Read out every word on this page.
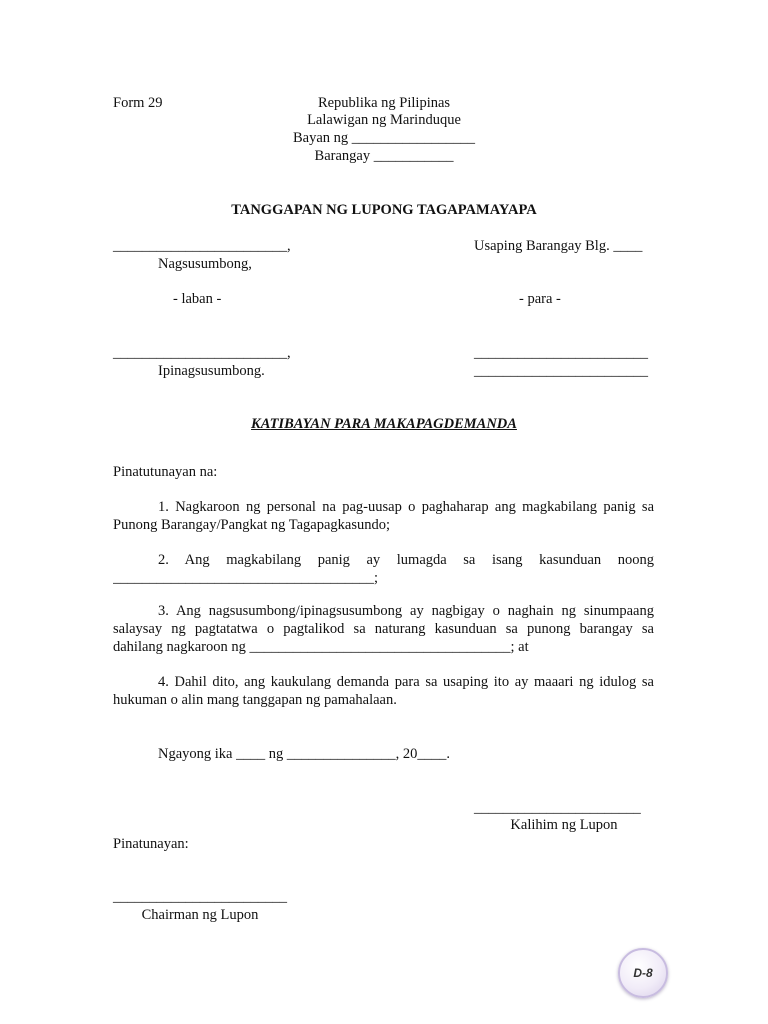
Form 29	Republika ng Pilipinas
Lalawigan ng Marinduque
Bayan ng _________________
Barangay ___________
TANGGAPAN NG LUPONG TAGAPAMAYAPA
________________________,
Nagsusumbong,
Usaping Barangay Blg. ____
- laban -	- para -
________________________,
Ipinagsusumbong.
________________________
________________________
KATIBAYAN PARA MAKAPAGDEMANDA
Pinatutunayan na:
1. Nagkaroon ng personal na pag-uusap o paghaharap ang magkabilang panig sa
Punong Barangay/Pangkat ng Tagapagkasundo;
2. Ang magkabilang panig ay lumagda sa isang kasunduan noong
____________________________________;
3. Ang nagsusumbong/ipinagsusumbong ay nagbigay o naghain ng sinumpaang
salaysay ng pagtatatwa o pagtalikod sa naturang kasunduan sa punong barangay sa
dahilang nagkaroon ng ____________________________________; at
4. Dahil dito, ang kaukulang demanda para sa usaping ito ay maaari ng idulog sa
hukuman o alin mang tanggapan ng pamahalaan.
Ngayong ika ____ ng _______________, 20____.
_______________________
Kalihim ng Lupon
Pinatunayan:
________________________
Chairman ng Lupon
D-8
